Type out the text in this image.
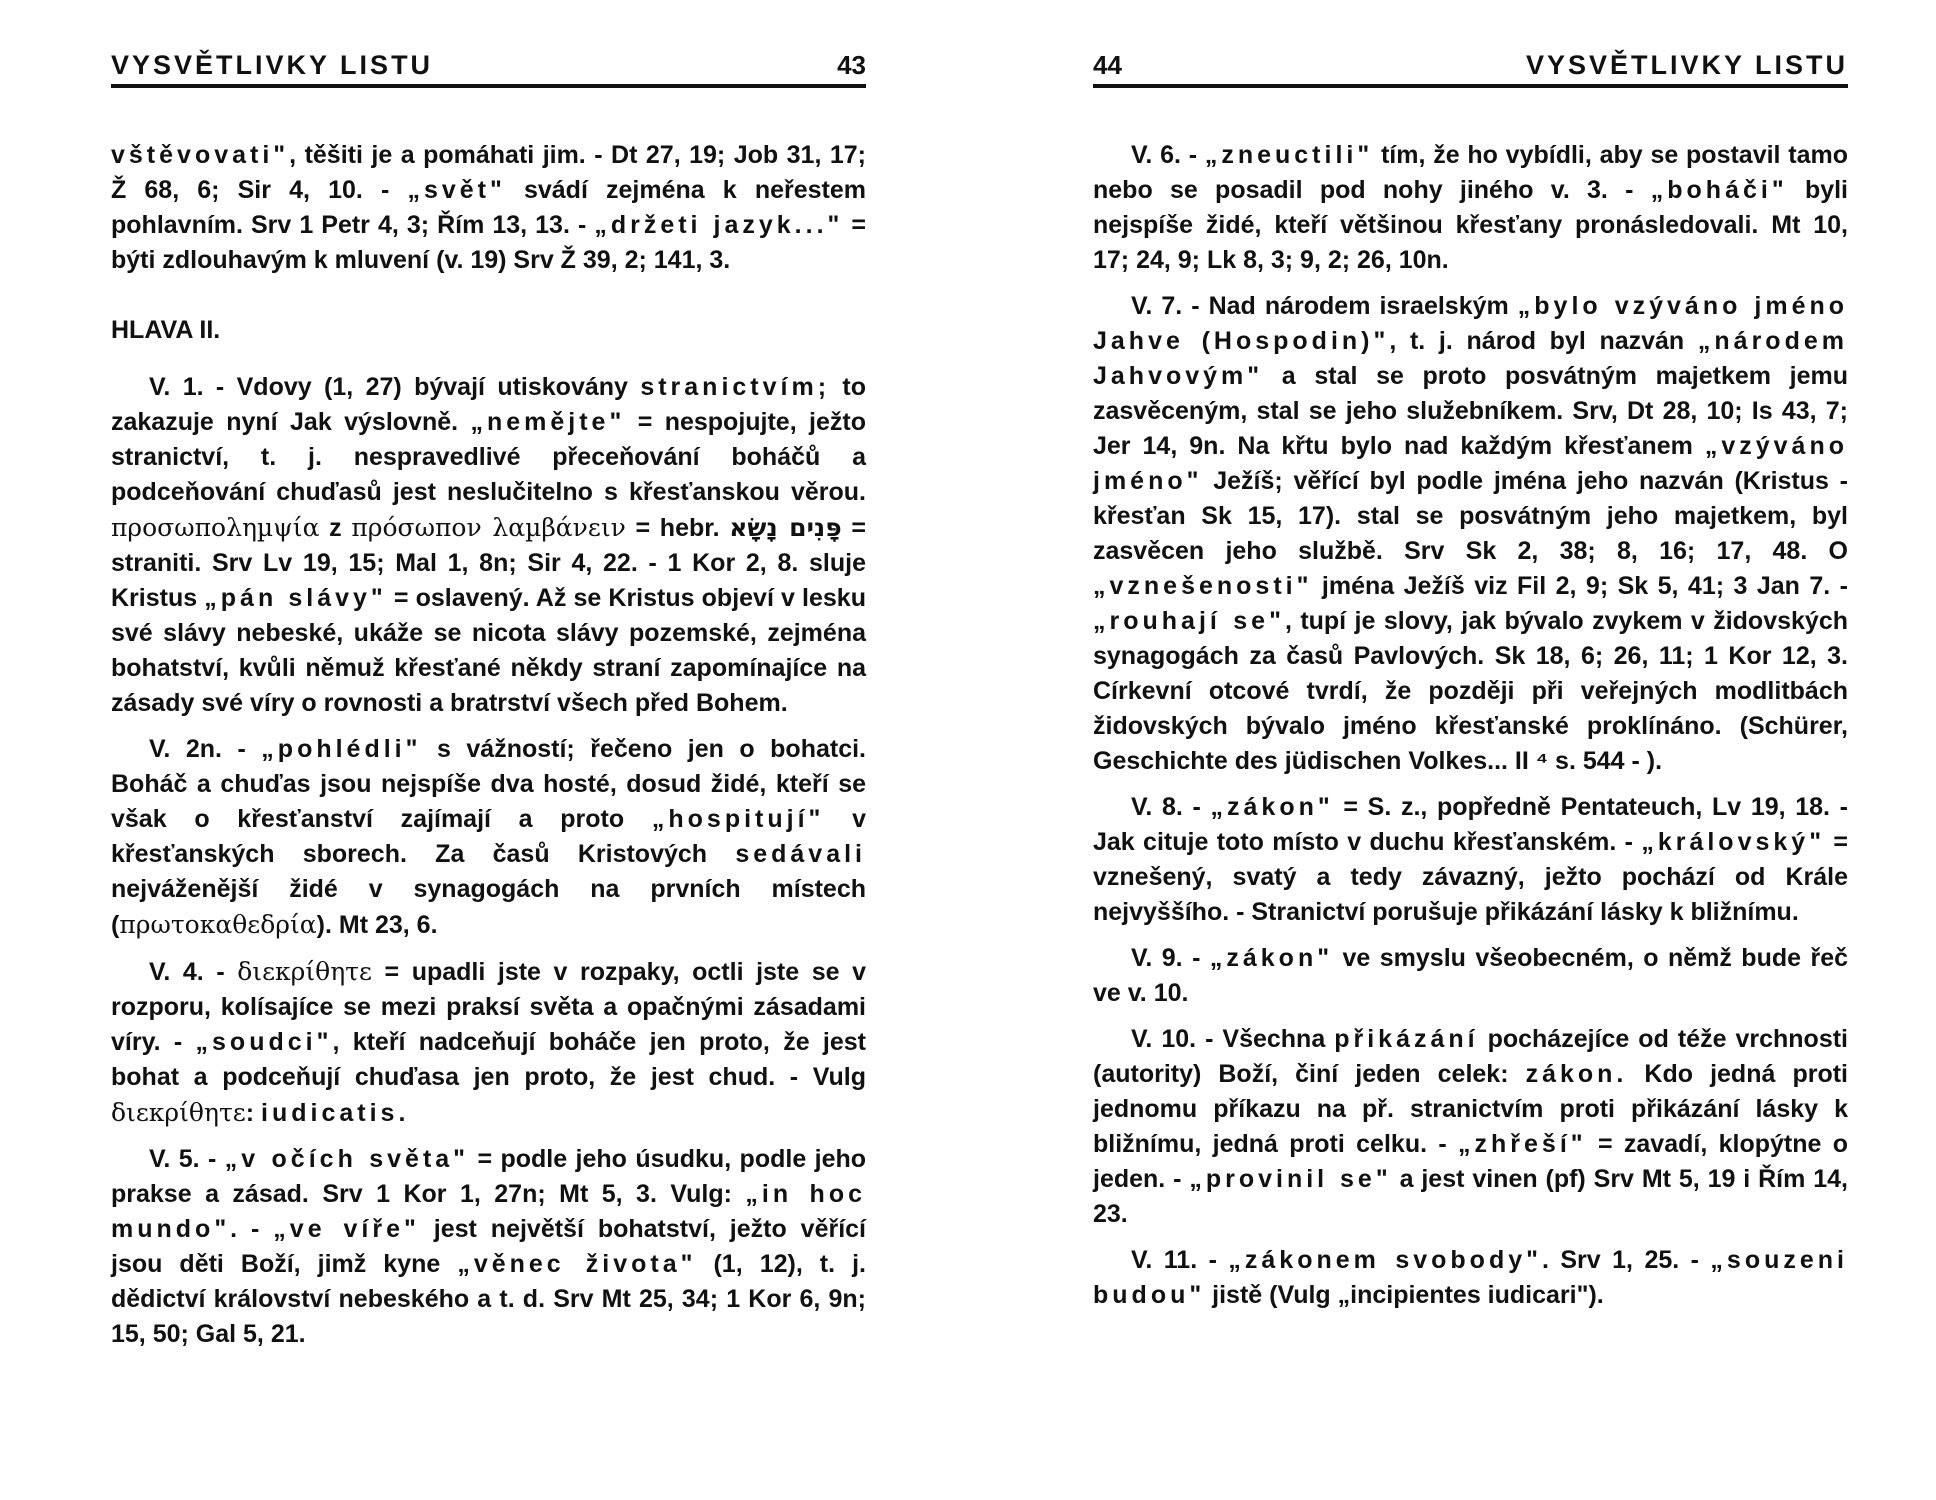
VYSVĚTLIVKY LISTU	43

vštěvovati", těšiti je a pomáhati jim. - Dt 27, 19; Job 31, 17; Ž 68, 6; Sir 4, 10. - „svět" svádí zejména k neřestem pohlavním. Srv 1 Petr 4, 3; Řím 13, 13. - „držeti jazyk..." = býti zdlouhavým k mluvení (v. 19) Srv Ž 39, 2; 141, 3.

HLAVA II.

V. 1. - Vdovy (1, 27) bývají utiskovány stranictvím; to zakazuje nyní Jak výslovně. „nemějte" = nespojujte, ježto stranictví, t. j. nespravedlivé přeceňování boháčů a podceňování chuďasů jest neslučitelno s křesťanskou věrou. προσωποληµψία z πρόσωπον λαµβάνειν = hebr. פָּנִים נָשָׂא = straniti. Srv Lv 19, 15; Mal 1, 8n; Sir 4, 22. - 1 Kor 2, 8. sluje Kristus „pán slávy" = oslavený. Až se Kristus objeví v lesku své slávy nebeské, ukáže se nicota slávy pozemské, zejména bohatství, kvůli němuž křesťané někdy straní zapomínajíce na zásady své víry o rovnosti a bratrství všech před Bohem.

V. 2n. - „pohlédli" s vážností; řečeno jen o bohatci. Boháč a chuďas jsou nejspíše dva hosté, dosud židé, kteří se však o křesťanství zajímají a proto „hospitují" v křesťanských sborech. Za časů Kristových sedávali nejváženější židé v synagogách na prvních místech (πρωτοκαθεδρία). Mt 23, 6.

V. 4. - διεκρίθητε = upadli jste v rozpaky, octli jste se v rozporu, kolísajíce se mezi praksí světa a opačnými zásadami víry. - „soudci", kteří nadceňují boháče jen proto, že jest bohat a podceňují chuďasa jen proto, že jest chud. - Vulg διεκρίθητε: iudicatis.

V. 5. - „v očích světa" = podle jeho úsudku, podle jeho prakse a zásad. Srv 1 Kor 1, 27n; Mt 5, 3. Vulg: „in hoc mundo". - „ve víře" jest největší bohatství, ježto věřící jsou děti Boží, jimž kyne „věnec života" (1, 12), t. j. dědictví království nebeského a t. d. Srv Mt 25, 34; 1 Kor 6, 9n; 15, 50; Gal 5, 21.

44	VYSVĚTLIVKY LISTU

V. 6. - „zneuctili" tím, že ho vybídli, aby se postavil tamo nebo se posadil pod nohy jiného v. 3. - „boháči" byli nejspíše židé, kteří většinou křesťany pronásledovali. Mt 10, 17; 24, 9; Lk 8, 3; 9, 2; 26, 10n.

V. 7. - Nad národem israelským „bylo vzýváno jméno Jahve (Hospodin)", t. j. národ byl nazván „národem Jahvovým" a stal se proto posvátným majetkem jemu zasvěceným, stal se jeho služebníkem. Srv, Dt 28, 10; Is 43, 7; Jer 14, 9n. Na křtu bylo nad každým křesťanem „vzýváno jméno" Ježíš; věřící byl podle jména jeho nazván (Kristus - křesťan Sk 15, 17). stal se posvátným jeho majetkem, byl zasvěcen jeho službě. Srv Sk 2, 38; 8, 16; 17, 48. O „vznešenosti" jména Ježíš viz Fil 2, 9; Sk 5, 41; 3 Jan 7. - „rouhají se", tupí je slovy, jak bývalo zvykem v židovských synagogách za časů Pavlových. Sk 18, 6; 26, 11; 1 Kor 12, 3. Církevní otcové tvrdí, že později při veřejných modlitbách židovských bývalo jméno křesťanské proklínáno. (Schürer, Geschichte des jüdischen Volkes... II ⁴ s. 544 - ).

V. 8. - „zákon" = S. z., popředně Pentateuch, Lv 19, 18. - Jak cituje toto místo v duchu křesťanském. - „královský" = vznešený, svatý a tedy závazný, ježto pochází od Krále nejvyššího. - Stranictví porušuje přikázání lásky k bližnímu.

V. 9. - „zákon" ve smyslu všeobecném, o němž bude řeč ve v. 10.

V. 10. - Všechna přikázání pocházejíce od téže vrchnosti (autority) Boží, činí jeden celek: zákon. Kdo jedná proti jednomu příkazu na př. stranictvím proti přikázání lásky k bližnímu, jedná proti celku. - „zhřeší" = zavadí, klopýtne o jeden. - „provinil se" a jest vinen (pf) Srv Mt 5, 19 i Řím 14, 23.

V. 11. - „zákonem svobody". Srv 1, 25. - „souzeni budou" jistě (Vulg „incipientes iudicari").
